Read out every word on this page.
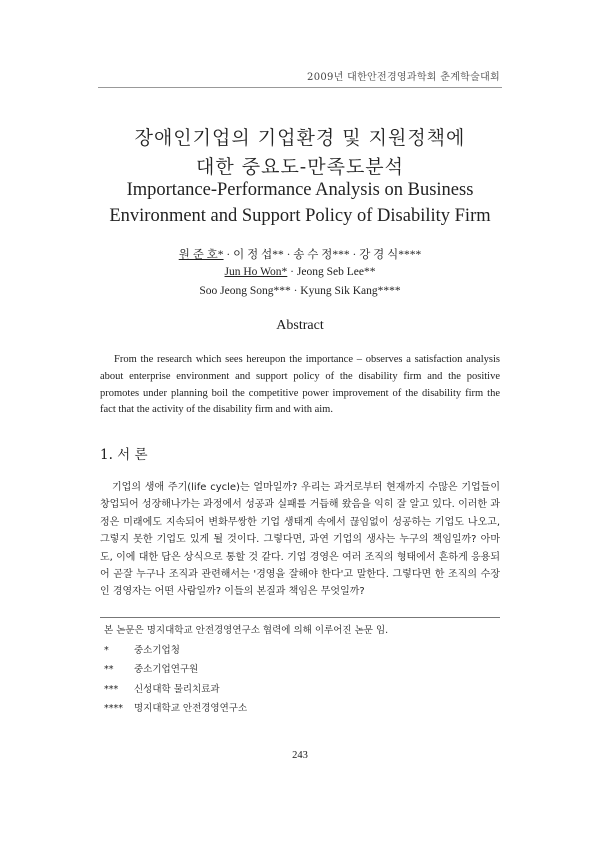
2009년 대한안전경영과학회 춘계학술대회
장애인기업의 기업환경 및 지원정책에
대한 중요도-만족도분석
Importance-Performance Analysis on Business
Environment and Support Policy of Disability Firm
원 준 호* · 이 정 섭** · 송 수 정*** · 강 경 식****
Jun Ho Won* · Jeong Seb Lee**
Soo Jeong Song*** · Kyung Sik Kang****
Abstract

From the research which sees hereupon the importance – observes a satisfaction analysis about enterprise environment and support policy of the disability firm and the positive promotes under planning boil the competitive power improvement of the disability firm the fact that the activity of the disability firm and with aim.

1. 서 론

기업의 생애 주기(life cycle)는 얼마일까? 우리는 과거로부터 현재까지 수많은 기업들이 창업되어 성장해나가는 과정에서 성공과 실패를 거듭해 왔음을 익히 잘 알고 있다. 이러한 과정은 미래에도 지속되어 변화무쌍한 기업 생태계 속에서 끊임없이 성공하는 기업도 나오고, 그렇지 못한 기업도 있게 될 것이다. 그렇다면, 과연 기업의 생사는 누구의 책임일까? 아마도, 이에 대한 답은 상식으로 통할 것 같다. 기업 경영은 여러 조직의 형태에서 흔하게 응용되어 곧잘 누구나 조직과 관련해서는 '경영을 잘해야 한다'고 말한다. 그렇다면 한 조직의 수장인 경영자는 어떤 사람일까? 이들의 본질과 책임은 무엇일까?

본 논문은 명지대학교 안전경영연구소 협력에 의해 이루어진 논문 임.
*	중소기업청
**	중소기업연구원
***	신성대학 물리치료과
****	명지대학교 안전경영연구소
243
